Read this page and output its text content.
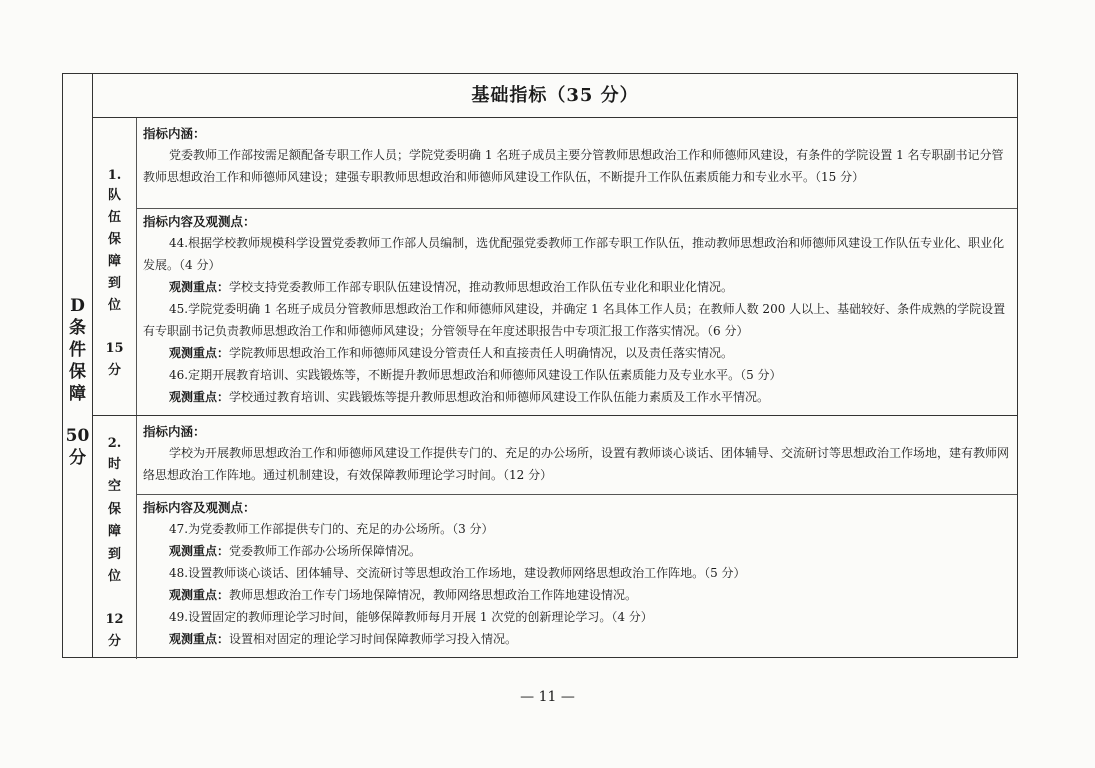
D
条
件
保
障
50
分
基础指标（35 分）
1.
队
伍
保
障
到
位
15
分
指标内涵：
党委教师工作部按需足额配备专职工作人员；学院党委明确 1 名班子成员主要分管教师思想政治工作和师德师风建设，有条件的学院设置 1 名专职副书记分管教师思想政治工作和师德师风建设；建强专职教师思想政治和师德师风建设工作队伍，不断提升工作队伍素质能力和专业水平。（15 分）
指标内容及观测点：
44.根据学校教师规模科学设置党委教师工作部人员编制，选优配强党委教师工作部专职工作队伍，推动教师思想政治和师德师风建设工作队伍专业化、职业化发展。（4 分）
观测重点：学校支持党委教师工作部专职队伍建设情况，推动教师思想政治工作队伍专业化和职业化情况。
45.学院党委明确 1 名班子成员分管教师思想政治工作和师德师风建设，并确定 1 名具体工作人员；在教师人数 200 人以上、基础较好、条件成熟的学院设置有专职副书记负责教师思想政治工作和师德师风建设；分管领导在年度述职报告中专项汇报工作落实情况。（6 分）
观测重点：学院教师思想政治工作和师德师风建设分管责任人和直接责任人明确情况，以及责任落实情况。
46.定期开展教育培训、实践锻炼等，不断提升教师思想政治和师德师风建设工作队伍素质能力及专业水平。（5 分）
观测重点：学校通过教育培训、实践锻炼等提升教师思想政治和师德师风建设工作队伍能力素质及工作水平情况。
2.
时
空
保
障
到
位
12
分
指标内涵：
学校为开展教师思想政治工作和师德师风建设工作提供专门的、充足的办公场所，设置有教师谈心谈话、团体辅导、交流研讨等思想政治工作场地，建有教师网络思想政治工作阵地。通过机制建设，有效保障教师理论学习时间。（12 分）
指标内容及观测点：
47.为党委教师工作部提供专门的、充足的办公场所。（3 分）
观测重点：党委教师工作部办公场所保障情况。
48.设置教师谈心谈话、团体辅导、交流研讨等思想政治工作场地，建设教师网络思想政治工作阵地。（5 分）
观测重点：教师思想政治工作专门场地保障情况，教师网络思想政治工作阵地建设情况。
49.设置固定的教师理论学习时间，能够保障教师每月开展 1 次党的创新理论学习。（4 分）
观测重点：设置相对固定的理论学习时间保障教师学习投入情况。
— 11 —
